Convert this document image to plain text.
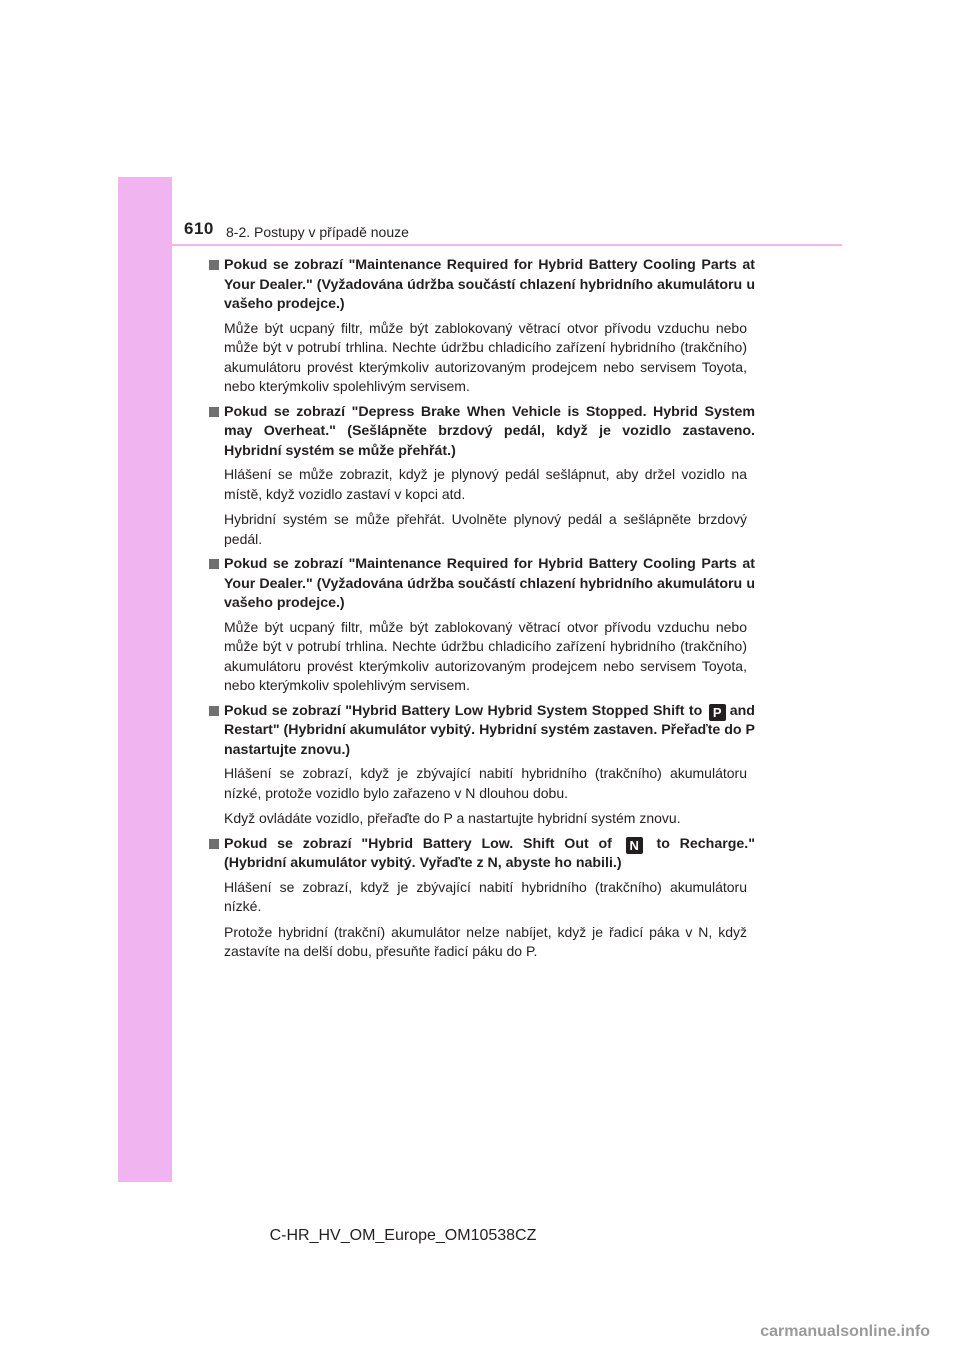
610 8-2. Postupy v případě nouze
Pokud se zobrazí "Maintenance Required for Hybrid Battery Cooling Parts at Your Dealer." (Vyžadována údržba součástí chlazení hybridního akumulátoru u vašeho prodejce.)
Může být ucpaný filtr, může být zablokovaný větrací otvor přívodu vzduchu nebo může být v potrubí trhlina. Nechte údržbu chladicího zařízení hybridního (trakčního) akumulátoru provést kterýmkoliv autorizovaným prodejcem nebo servisem Toyota, nebo kterýmkoliv spolehlivým servisem.
Pokud se zobrazí "Depress Brake When Vehicle is Stopped. Hybrid System may Overheat." (Sešlápněte brzdový pedál, když je vozidlo zastaveno. Hybridní systém se může přehřát.)
Hlášení se může zobrazit, když je plynový pedál sešlápnut, aby držel vozidlo na místě, když vozidlo zastaví v kopci atd.
Hybridní systém se může přehřát. Uvolněte plynový pedál a sešlápněte brzdový pedál.
Pokud se zobrazí "Maintenance Required for Hybrid Battery Cooling Parts at Your Dealer." (Vyžadována údržba součástí chlazení hybridního akumulátoru u vašeho prodejce.)
Může být ucpaný filtr, může být zablokovaný větrací otvor přívodu vzduchu nebo může být v potrubí trhlina. Nechte údržbu chladicího zařízení hybridního (trakčního) akumulátoru provést kterýmkoliv autorizovaným prodejcem nebo servisem Toyota, nebo kterýmkoliv spolehlivým servisem.
Pokud se zobrazí "Hybrid Battery Low Hybrid System Stopped Shift to P and Restart" (Hybridní akumulátor vybitý. Hybridní systém zastaven. Přeřaďte do P nastartujte znovu.)
Hlášení se zobrazí, když je zbývající nabití hybridního (trakčního) akumulátoru nízké, protože vozidlo bylo zařazeno v N dlouhou dobu.
Když ovládáte vozidlo, přeřaďte do P a nastartujte hybridní systém znovu.
Pokud se zobrazí "Hybrid Battery Low. Shift Out of N to Recharge." (Hybridní akumulátor vybitý. Vyřaďte z N, abyste ho nabili.)
Hlášení se zobrazí, když je zbývající nabití hybridního (trakčního) akumulátoru nízké.
Protože hybridní (trakční) akumulátor nelze nabíjet, když je řadicí páka v N, když zastavíte na delší dobu, přesuňte řadicí páku do P.
C-HR_HV_OM_Europe_OM10538CZ
carmanualsonline.info
